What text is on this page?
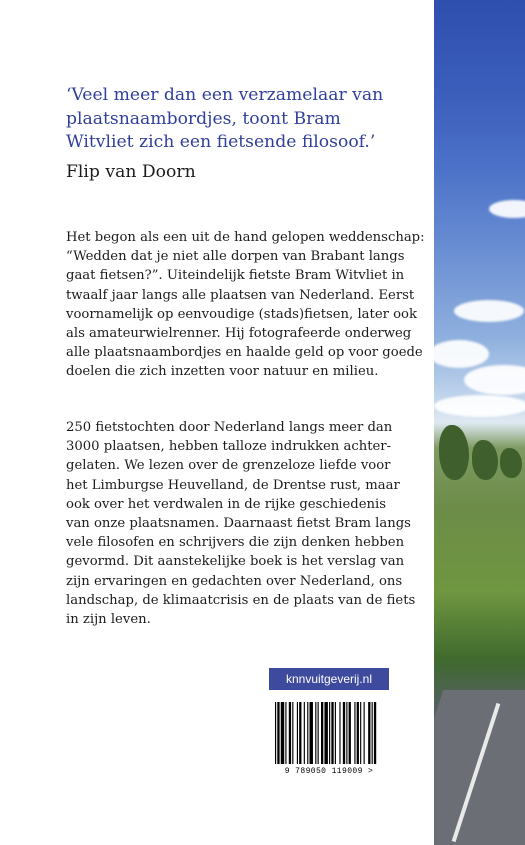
‘Veel meer dan een verzamelaar van

plaatsnaambordjes, toont Bram

Witvliet zich een fietsende filosoof.’

Flip van Doorn

Het begon als een uit de hand gelopen weddenschap:

“Wedden dat je niet alle dorpen van Brabant langs

gaat fietsen?”. Uiteindelijk fietste Bram Witvliet in

twaalf jaar langs alle plaatsen van Nederland. Eerst

voornamelijk op eenvoudige (stads)fietsen, later ook

als amateurwielrenner. Hij fotografeerde onderweg

alle plaatsnaambordjes en haalde geld op voor goede

doelen die zich inzetten voor natuur en milieu.

250 fietstochten door Nederland langs meer dan

3000 plaatsen, hebben talloze indrukken achter-

gelaten. We lezen over de grenzeloze liefde voor

het Limburgse Heuvelland, de Drentse rust, maar

ook over het verdwalen in de rijke geschiedenis

van onze plaatsnamen. Daarnaast fietst Bram langs

vele filosofen en schrijvers die zijn denken hebben

gevormd. Dit aanstekelijke boek is het verslag van

zijn ervaringen en gedachten over Nederland, ons

landschap, de klimaatcrisis en de plaats van de fiets

in zijn leven.

knnvuitgeverij.nl
9 789050 119009 >
